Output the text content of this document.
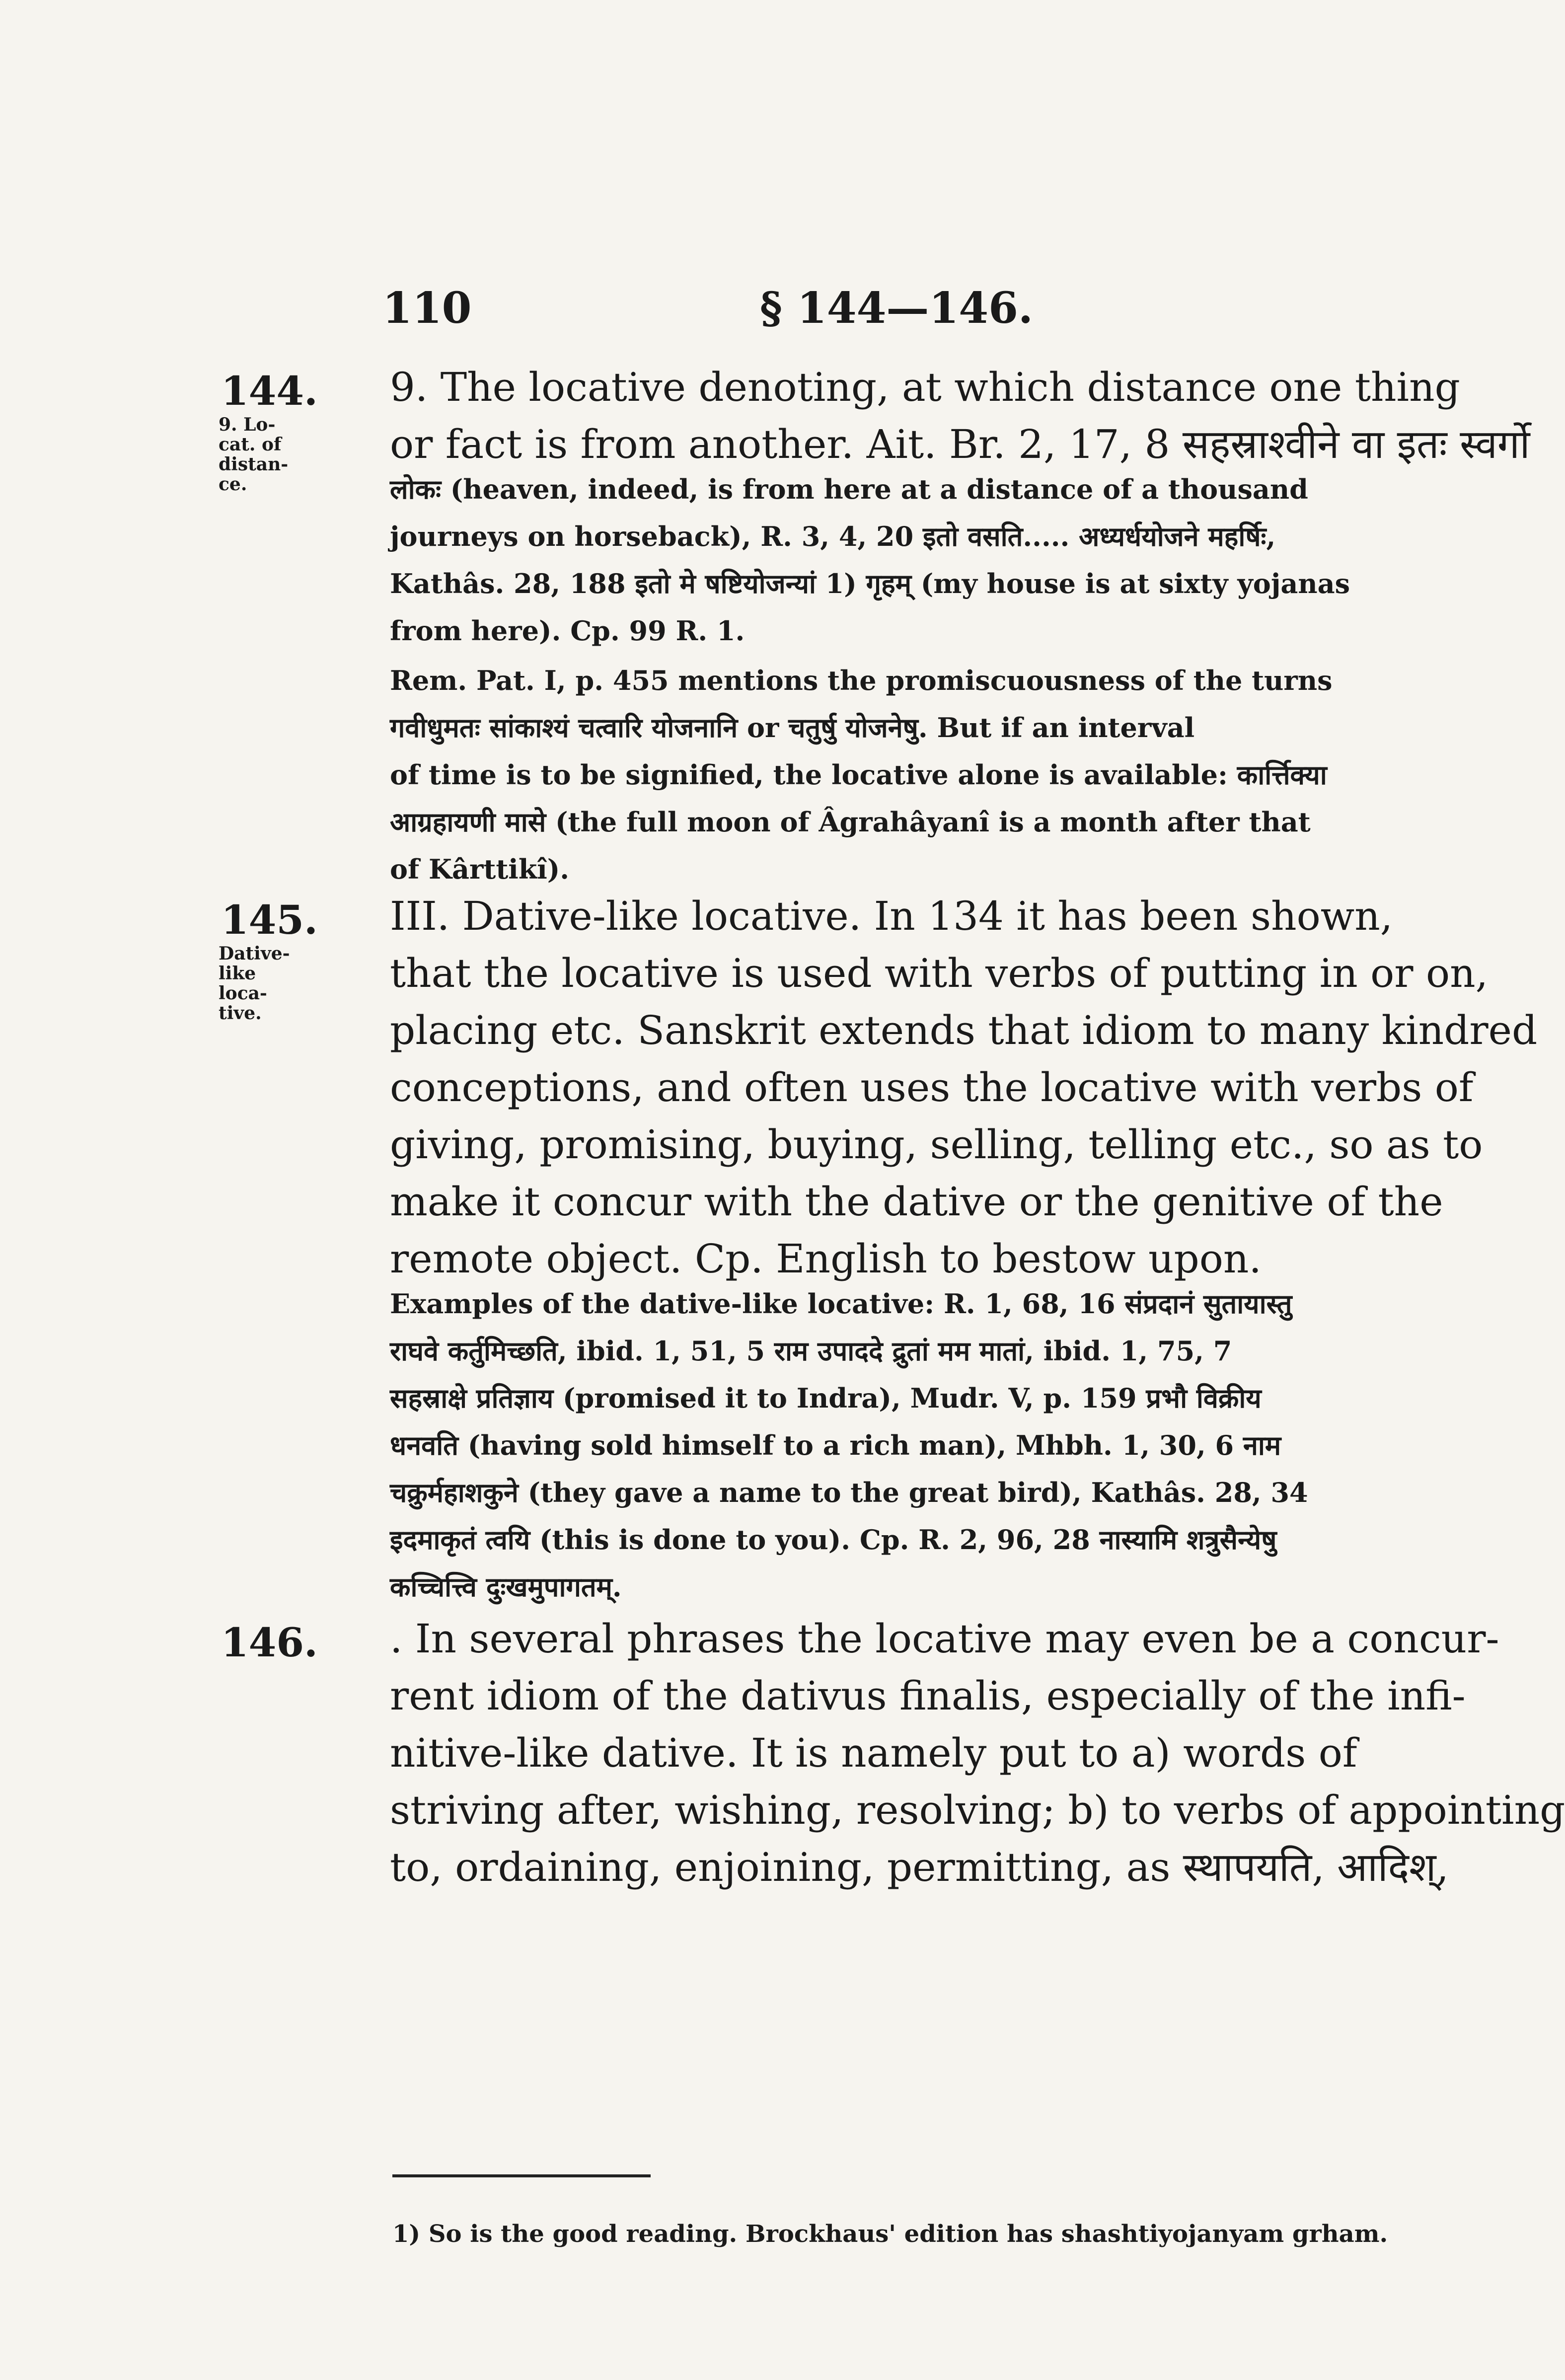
110	§ 144—146.
144.
9. Lo-
cat. of
distan-
ce.
9. The locative denoting, at which distance one thing
or fact is from another. Ait. Br. 2, 17, 8 सहस्राश्वीने वा इतः स्वर्गो
लोकः (heaven, indeed, is from here at a distance of a thousand
journeys on horseback), R. 3, 4, 20 इतो वसति..... अध्यर्धयोजने महर्षिः,
Kathâs. 28, 188 इतो मे षष्टियोजन्यां 1) गृहम् (my house is at sixty yojanas
from here). Cp. 99 R. 1.
Rem. Pat. I, p. 455 mentions the promiscuousness of the turns
गवीधुमतः सांकाश्यं चत्वारि योजनानि or चतुर्षु योजनेषु. But if an interval
of time is to be signified, the locative alone is available: कार्त्तिक्या
आग्रहायणी मासे (the full moon of Âgrahâyanî is a month after that
of Kârttikî).
145.
Dative-
like
loca-
tive.
III. Dative-like locative. In 134 it has been shown,
that the locative is used with verbs of putting in or on,
placing etc. Sanskrit extends that idiom to many kindred
conceptions, and often uses the locative with verbs of
giving, promising, buying, selling, telling etc., so as to
make it concur with the dative or the genitive of the
remote object. Cp. English to bestow upon.
Examples of the dative-like locative: R. 1, 68, 16 संप्रदानं सुतायास्तु
राघवे कर्तुमिच्छति, ibid. 1, 51, 5 राम उपाददे द्रुतां मम मातां, ibid. 1, 75, 7
सहस्राक्षे प्रतिज्ञाय (promised it to Indra), Mudr. V, p. 159 प्रभौ विक्रीय
धनवति (having sold himself to a rich man), Mhbh. 1, 30, 6 नाम
चक्रुर्महाशकुने (they gave a name to the great bird), Kathâs. 28, 34
इदमाकृतं त्वयि (this is done to you). Cp. R. 2, 96, 28 नास्यामि शत्रुसैन्येषु
कच्चित्त्वि दुःखमुपागतम्.
146. . In several phrases the locative may even be a concur-
rent idiom of the dativus finalis, especially of the infi-
nitive-like dative. It is namely put to a) words of
striving after, wishing, resolving; b) to verbs of appointing
to, ordaining, enjoining, permitting, as स्थापयति, आदिश्,
1) So is the good reading. Brockhaus' edition has shashtiyojanyam grham.
